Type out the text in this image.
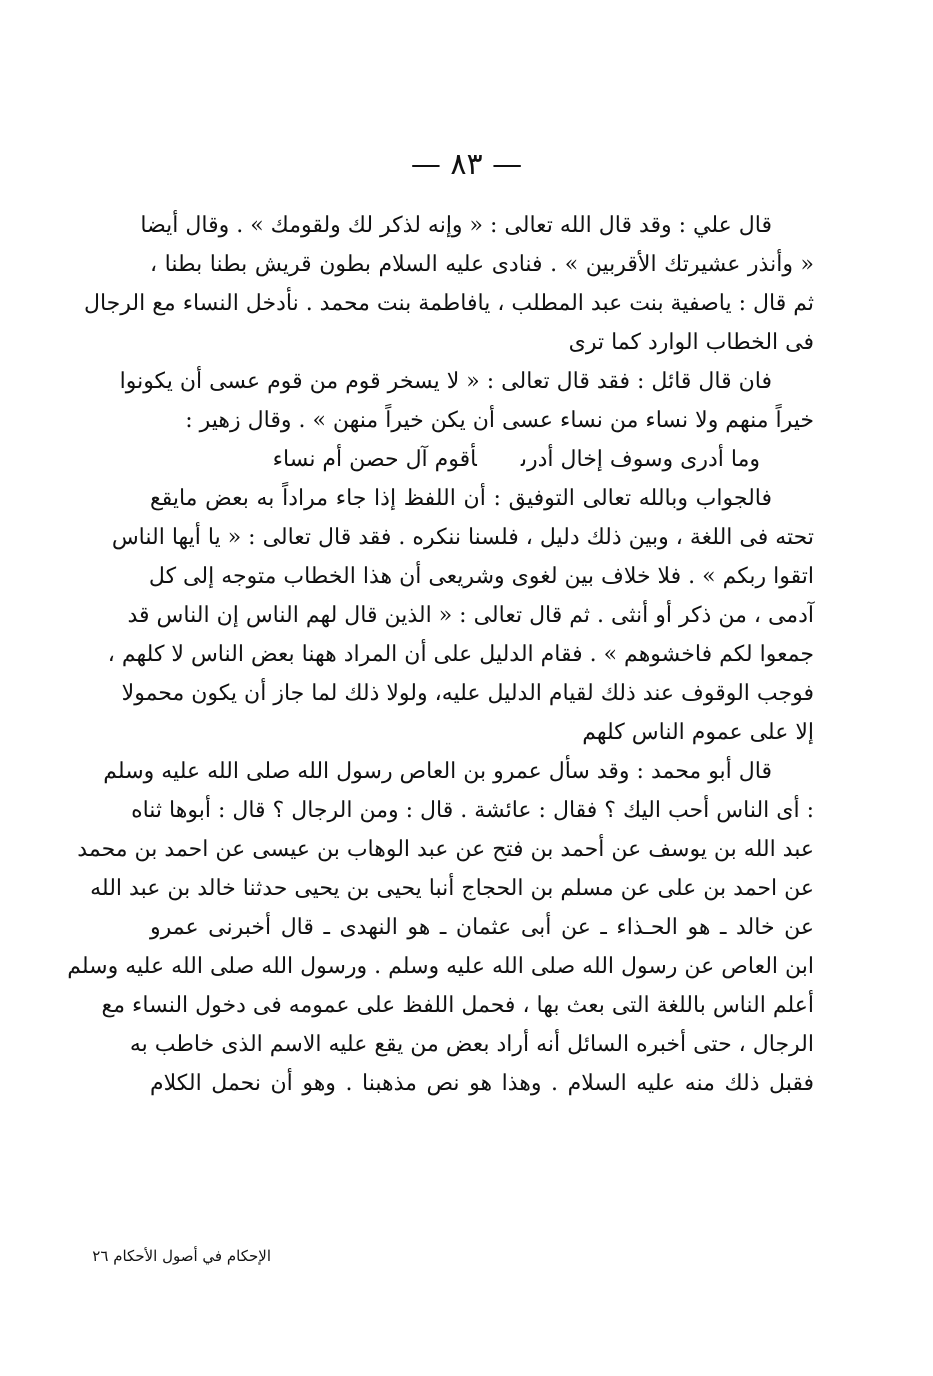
— ٨٣ —
قال علي : وقد قال الله تعالى : « وإنه لذكر لك ولقومك » . وقال أيضا
« وأنذر عشيرتك الأقربين » . فنادى عليه السلام بطون قريش بطنا بطنا ،
ثم قال : ياصفية بنت عبد المطلب ، يافاطمة بنت محمد . نأدخل النساء مع الرجال
فى الخطاب الوارد كما ترى
فان قال قائل : فقد قال تعالى : « لا يسخر قوم من قوم عسى أن يكونوا
خيراً منهم ولا نساء من نساء عسى أن يكن خيراً منهن » . وقال زهير :
وما أدرى وسوف إخال أدرىأقوم آل حصن أم نساء
فالجواب وبالله تعالى التوفيق : أن اللفظ إذا جاء مراداً به بعض مايقع
تحته فى اللغة ، وبين ذلك دليل ، فلسنا ننكره . فقد قال تعالى : « يا أيها الناس
اتقوا ربكم » . فلا خلاف بين لغوى وشريعى أن هذا الخطاب متوجه إلى كل
آدمى ، من ذكر أو أنثى . ثم قال تعالى : « الذين قال لهم الناس إن الناس قد
جمعوا لكم فاخشوهم » . فقام الدليل على أن المراد ههنا بعض الناس لا كلهم ،
فوجب الوقوف عند ذلك لقيام الدليل عليه، ولولا ذلك لما جاز أن يكون محمولا
إلا على عموم الناس كلهم
قال أبو محمد : وقد سأل عمرو بن العاص رسول الله صلى الله عليه وسلم
: أى الناس أحب اليك ؟ فقال : عائشة . قال : ومن الرجال ؟ قال : أبوها ثناه
عبد الله بن يوسف عن أحمد بن فتح عن عبد الوهاب بن عيسى عن احمد بن محمد
عن احمد بن على عن مسلم بن الحجاج أنبا يحيى بن يحيى حدثنا خالد بن عبد الله
عن خالد ـ هو الحـذاء ـ عن أبى عثمان ـ هو النهدى ـ قال أخبرنى عمرو
ابن العاص عن رسول الله صلى الله عليه وسلم . ورسول الله صلى الله عليه وسلم
أعلم الناس باللغة التى بعث بها ، فحمل اللفظ على عمومه فى دخول النساء مع
الرجال ، حتى أخبره السائل أنه أراد بعض من يقع عليه الاسم الذى خاطب به
فقبل ذلك منه عليه السلام . وهذا هو نص مذهبنا . وهو أن نحمل الكلام
الإحكام في أصول الأحكام ٢٦
